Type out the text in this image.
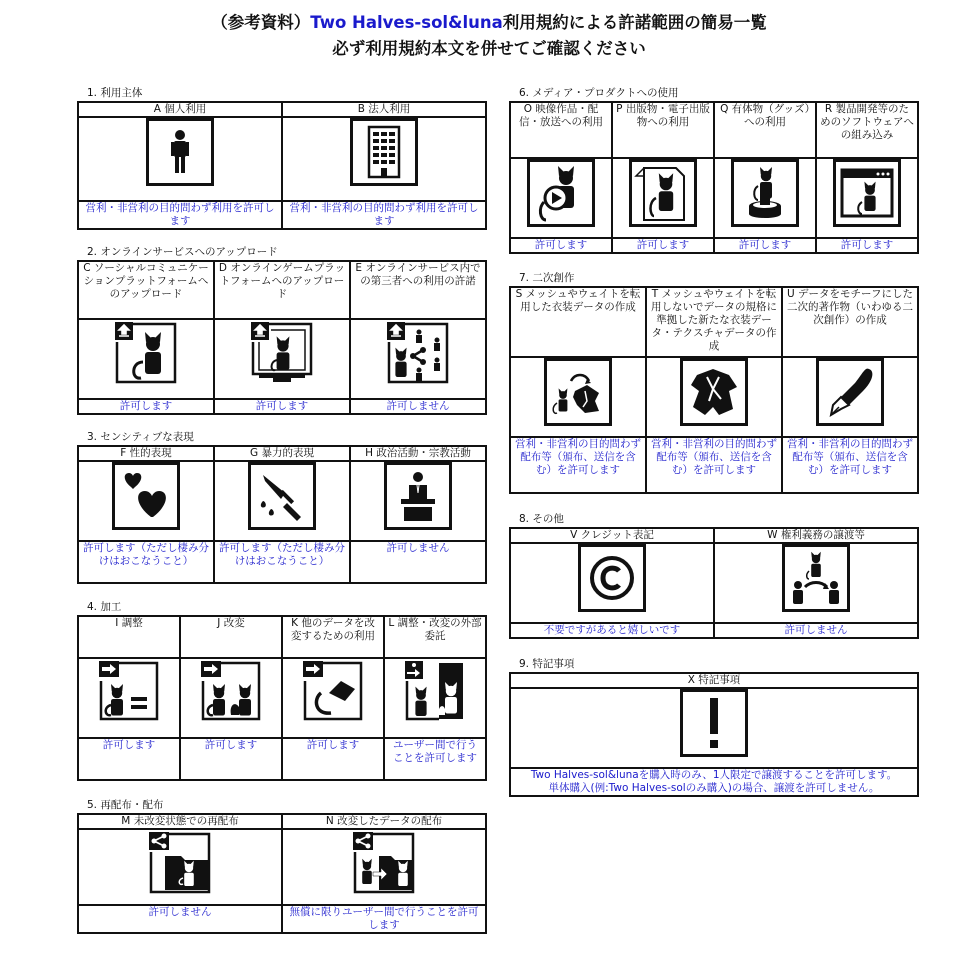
（参考資料）Two Halves-sol&luna利用規約による許諾範囲の簡易一覧
必ず利用規約本文を併せてご確認ください
1. 利用主体
A 個人利用	B 法人利用

営利・非営利の目的問わず利用を許可します	営利・非営利の目的問わず利用を許可します
2. オンラインサービスへのアップロード
C ソーシャルコミュニケーションプラットフォームへのアップロード	D オンラインゲームプラットフォームへのアップロード	E オンラインサービス内での第三者への利用の許諾

許可します	許可します	許可しません
3. センシティブな表現
F 性的表現	G 暴力的表現	H 政治活動・宗教活動

許可します（ただし棲み分けはおこなうこと）	許可します（ただし棲み分けはおこなうこと）	許可しません
4. 加工
I 調整	J 改変	K 他のデータを改変するための利用	L 調整・改変の外部委託

許可します	許可します	許可します	ユーザー間で行うことを許可します
5. 再配布・配布
M 未改変状態での再配布	N 改変したデータの配布

許可しません	無償に限りユーザー間で行うことを許可します
6. メディア・プロダクトへの使用
O 映像作品・配信・放送への利用	P 出版物・電子出版物への利用	Q 有体物（グッズ）への利用	R 製品開発等のためのソフトウェアへの組み込み

許可します	許可します	許可します	許可します
7. 二次創作
S メッシュやウェイトを転用した衣装データの作成	T メッシュやウェイトを転用しないでデータの規格に準拠した新たな衣装データ・テクスチャデータの作成	U データをモチーフにした二次的著作物（いわゆる二次創作）の作成

営利・非営利の目的問わず配布等（頒布、送信を含む）を許可します	営利・非営利の目的問わず配布等（頒布、送信を含む）を許可します	営利・非営利の目的問わず配布等（頒布、送信を含む）を許可します
8. その他
V クレジット表記	W 権利義務の譲渡等

不要ですがあると嬉しいです	許可しません
9. 特記事項
X 特記事項

Two Halves-sol&lunaを購入時のみ、1人限定で譲渡することを許可します。
単体購入(例:Two Halves-solのみ購入)の場合、譲渡を許可しません。
